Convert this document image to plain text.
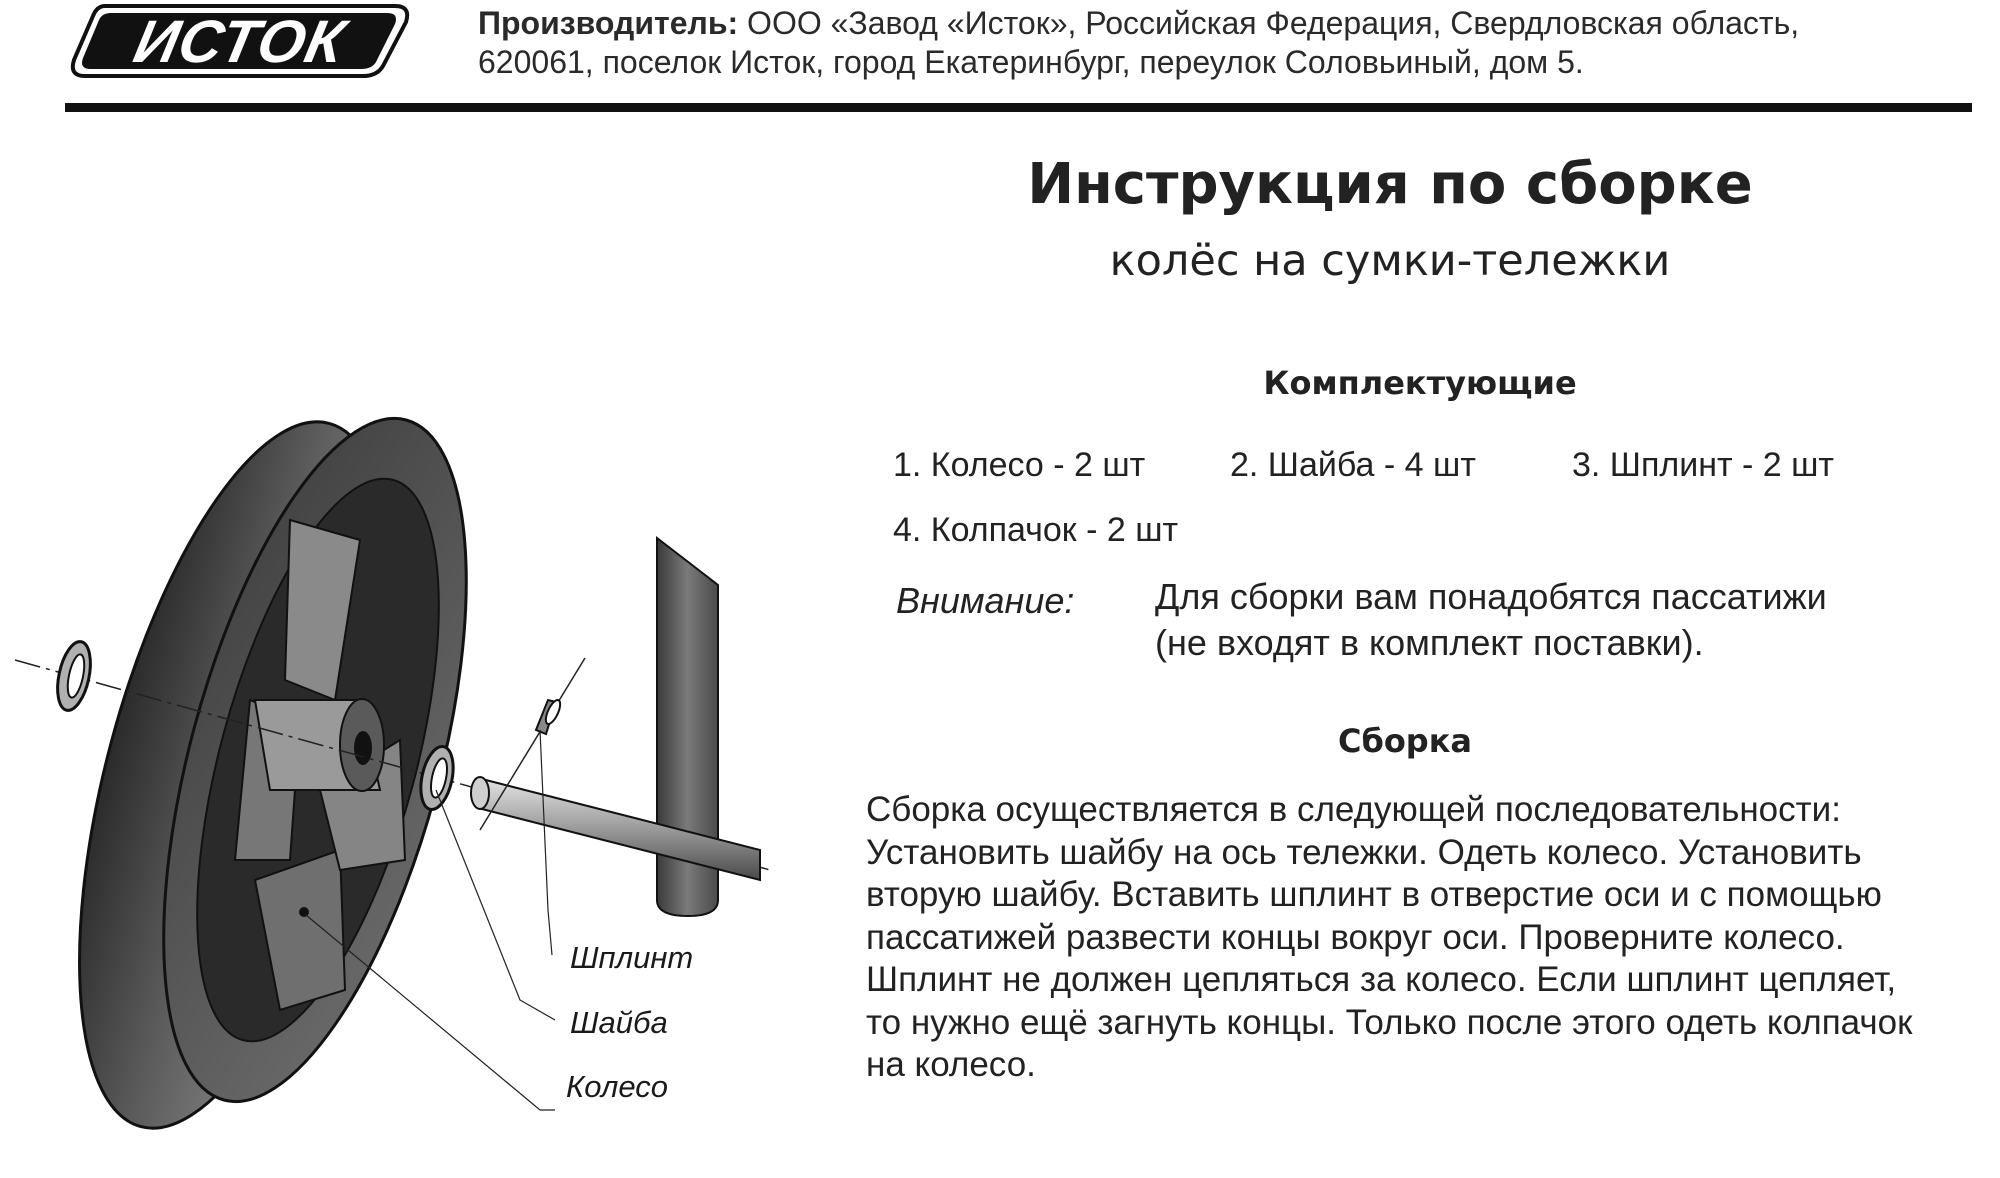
ИСТОК	Производитель: ООО «Завод «Исток», Российская Федерация, Свердловская область,
620061, поселок Исток, город Екатеринбург, переулок Соловьиный, дом 5.
Инструкция по сборке
колёс на сумки-тележки
Комплектующие
1. Колесо - 2 шт 2. Шайба - 4 шт	3. Шплинт - 2 шт
4. Колпачок - 2 шт
Внимание: Для сборки вам понадобятся пассатижи
(не входят в комплект поставки).
Сборка
Сборка осуществляется в следующей последовательности:
Установить шайбу на ось тележки. Одеть колесо. Установить
вторую шайбу. Вставить шплинт в отверстие оси и с помощью
пассатижей развести концы вокруг оси. Проверните колесо.
Шплинт не должен цепляться за колесо. Если шплинт цепляет,
то нужно ещё загнуть концы. Только после этого одеть колпачок
на колесо.
Шплинт
Шайба
Колесо
